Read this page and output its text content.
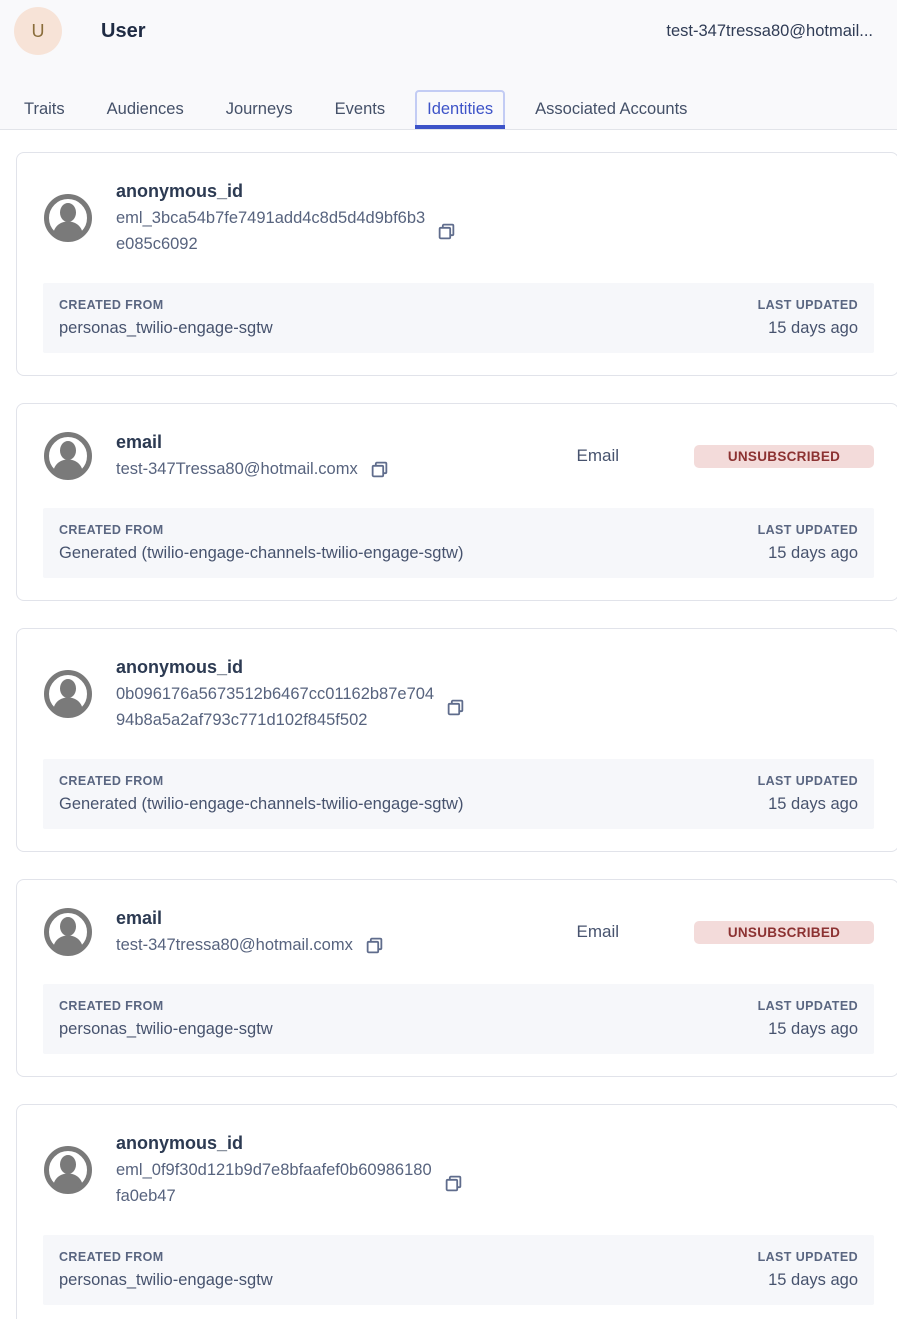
U	User	test-347tressa80@hotmail...
Traits	Audiences	Journeys	Events	Identities	Associated Accounts
anonymous_id
eml_3bca54b7fe7491add4c8d5d4d9bf6b3
e085c6092
CREATED FROM
personas_twilio-engage-sgtw
LAST UPDATED
15 days ago
email
test-347Tressa80@hotmail.comx
Email	UNSUBSCRIBED
CREATED FROM
Generated (twilio-engage-channels-twilio-engage-sgtw)
LAST UPDATED
15 days ago
anonymous_id
0b096176a5673512b6467cc01162b87e704
94b8a5a2af793c771d102f845f502
CREATED FROM
Generated (twilio-engage-channels-twilio-engage-sgtw)
LAST UPDATED
15 days ago
email
test-347tressa80@hotmail.comx
Email	UNSUBSCRIBED
CREATED FROM
personas_twilio-engage-sgtw
LAST UPDATED
15 days ago
anonymous_id
eml_0f9f30d121b9d7e8bfaafef0b60986180
fa0eb47
CREATED FROM
personas_twilio-engage-sgtw
LAST UPDATED
15 days ago
